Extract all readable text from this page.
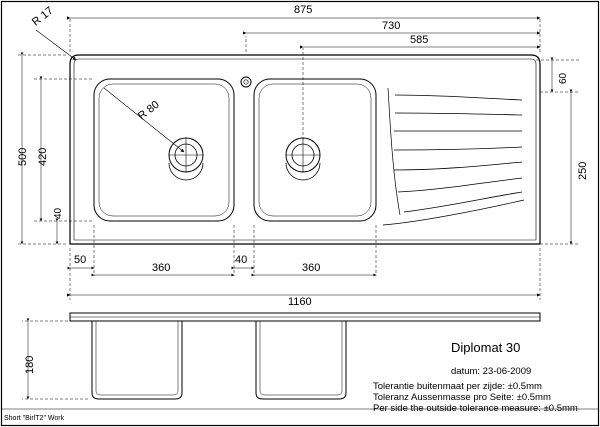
875
730
585
60
250
500 420
40
50
360
40
360
1160
180
R 17
R 80
Diplomat 30
datum: 23-06-2009
Tolerantie buitenmaat per zijde: ±0.5mm
Toleranz Aussenmasse pro Seite: ±0.5mm
Per side the outside tolerance measure: ±0.5mm
Short "BirlT2" Work
